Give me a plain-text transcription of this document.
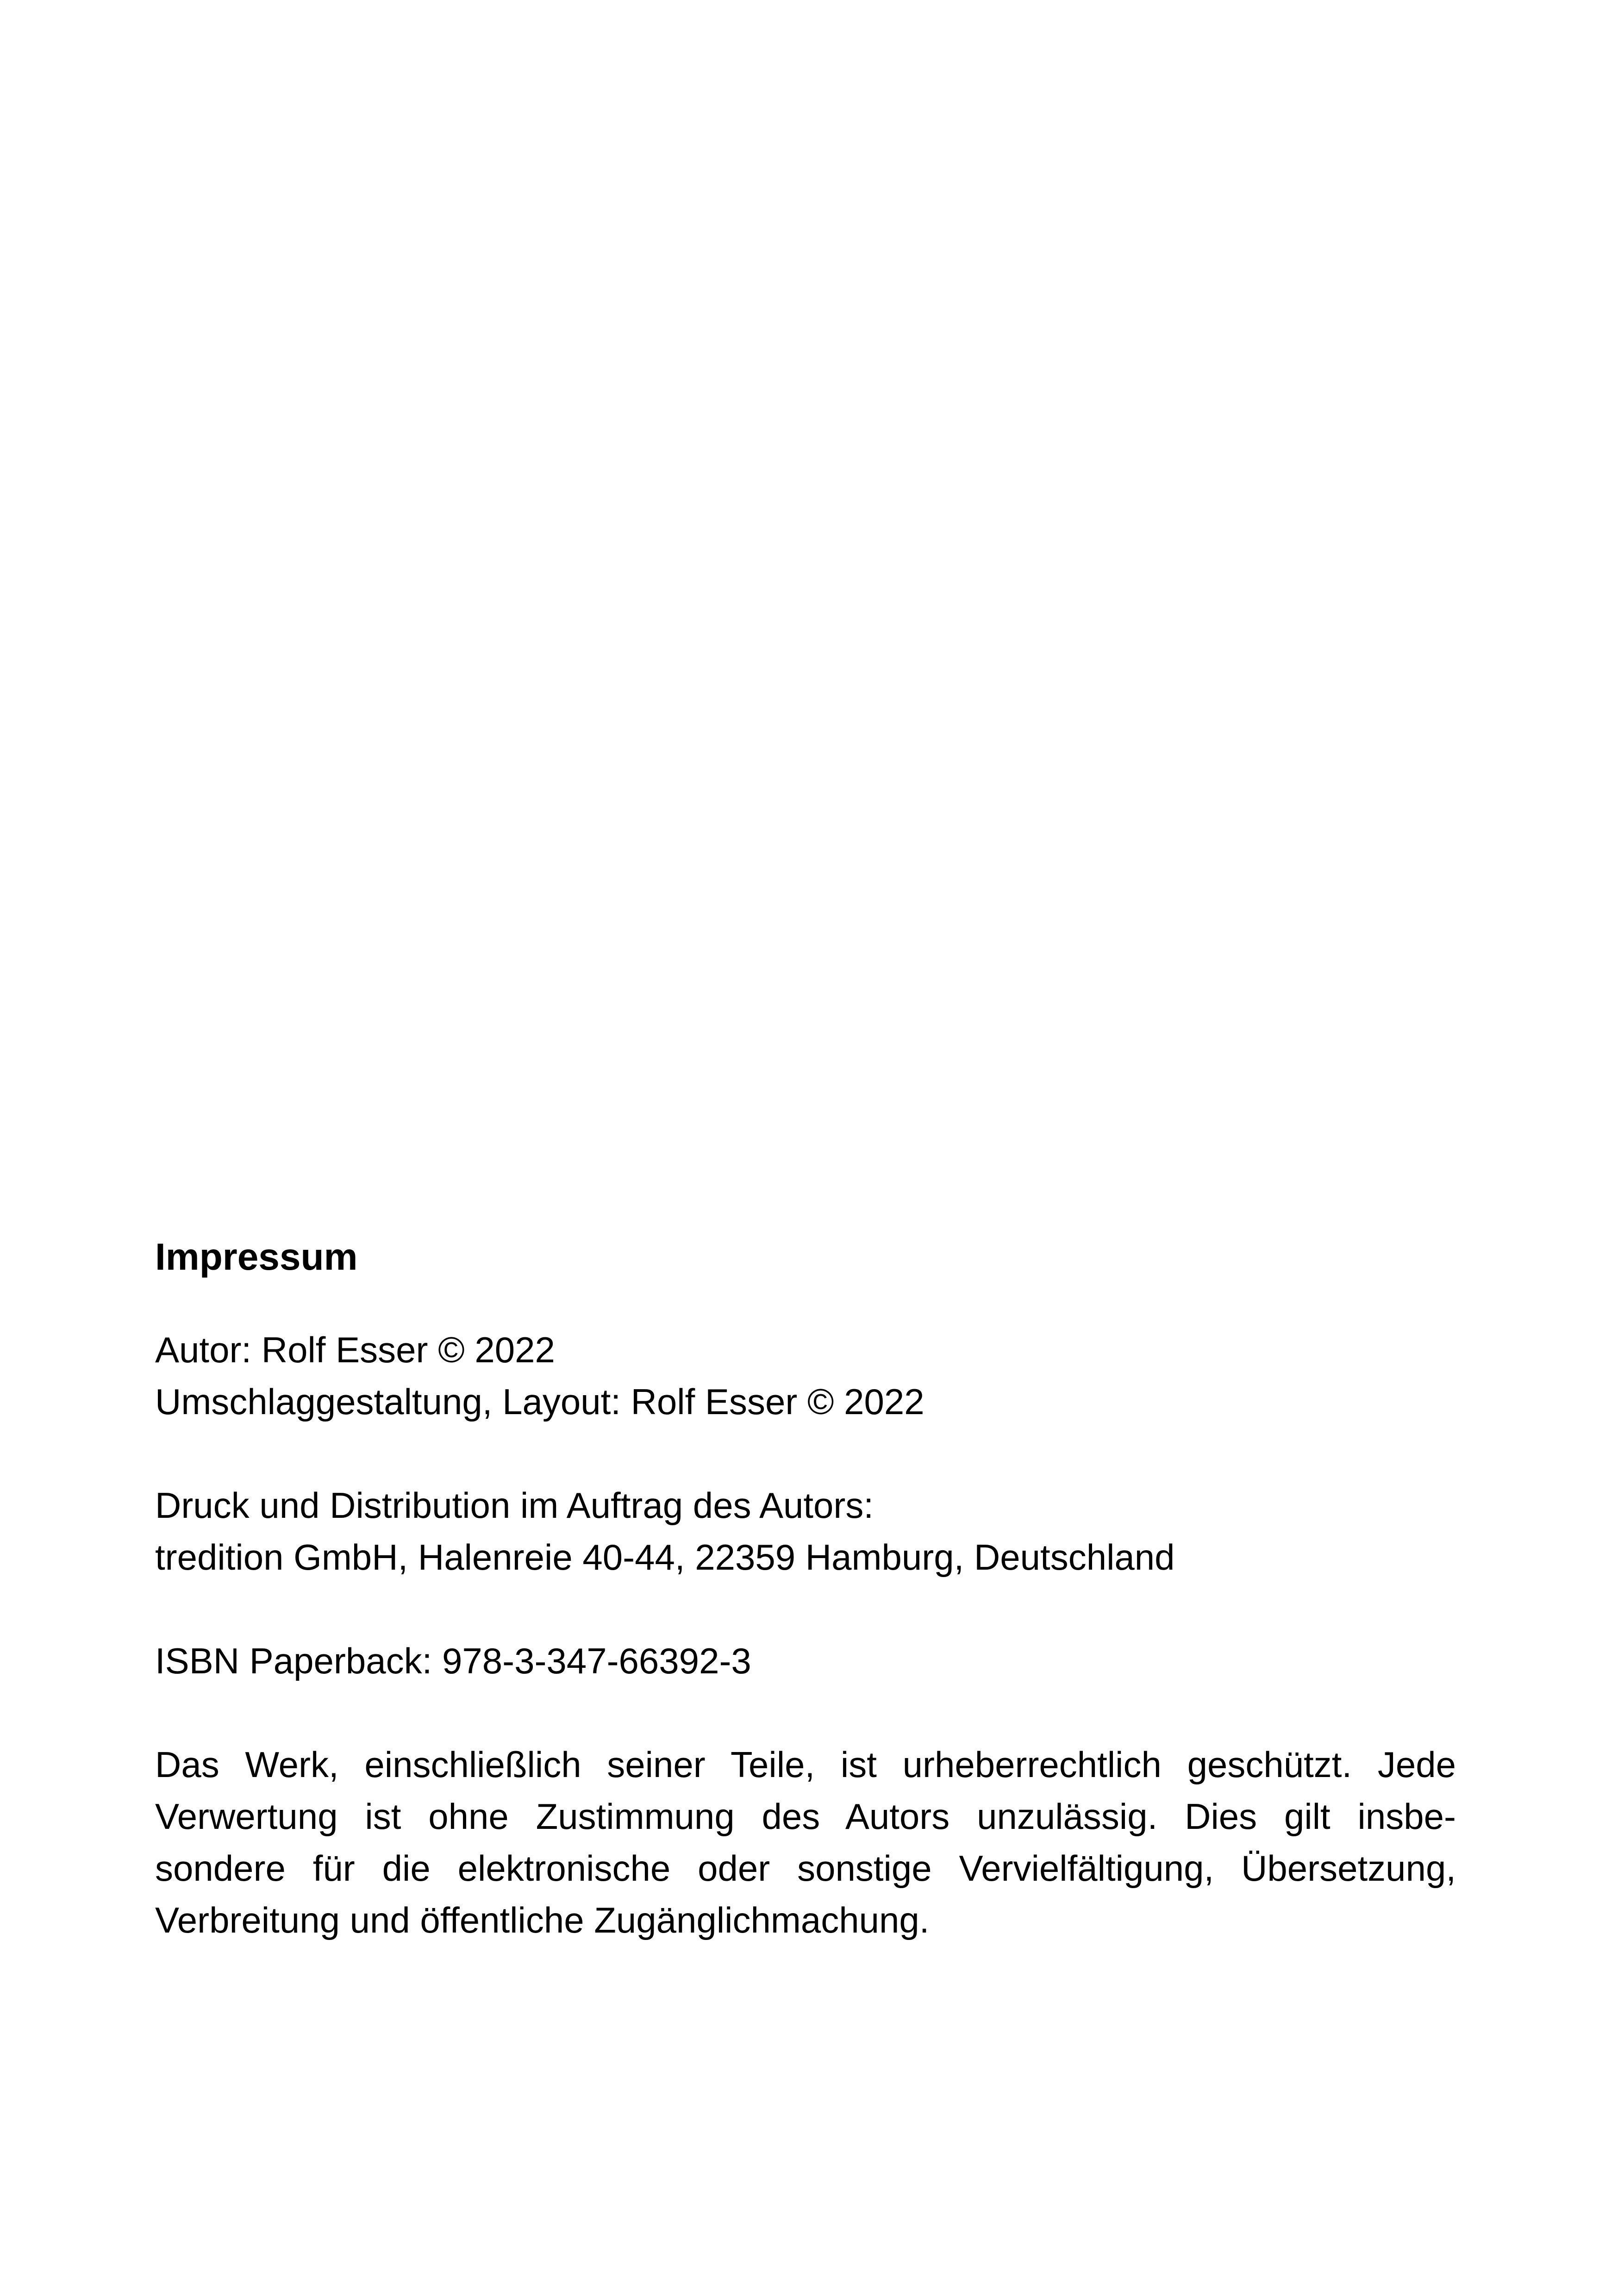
Impressum
Autor: Rolf Esser © 2022
Umschlaggestaltung, Layout: Rolf Esser © 2022
Druck und Distribution im Auftrag des Autors:
tredition GmbH, Halenreie 40-44, 22359 Hamburg, Deutschland
ISBN Paperback: 978-3-347-66392-3
Das Werk, einschließlich seiner Teile, ist urheberrechtlich geschützt. Jede
Verwertung ist ohne Zustimmung des Autors unzulässig. Dies gilt insbe-
sondere für die elektronische oder sonstige Vervielfältigung, Übersetzung,
Verbreitung und öffentliche Zugänglichmachung.
